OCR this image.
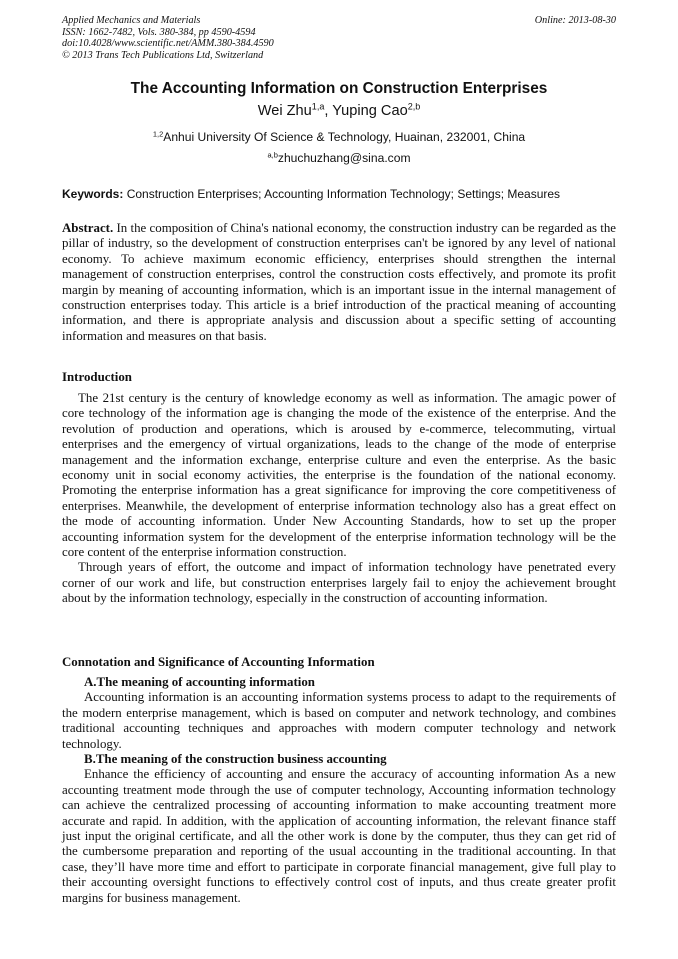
Applied Mechanics and Materials
ISSN: 1662-7482, Vols. 380-384, pp 4590-4594
doi:10.4028/www.scientific.net/AMM.380-384.4590
© 2013 Trans Tech Publications Ltd, Switzerland
Online: 2013-08-30
The Accounting Information on Construction Enterprises
Wei Zhu$^{1,a}$, Yuping Cao$^{2,b}$
$^{1,2}$Anhui University Of Science & Technology, Huainan, 232001, China
$^{a,b}$zhuchuzhang@sina.com
Keywords: Construction Enterprises; Accounting Information Technology; Settings; Measures
Abstract. In the composition of China's national economy, the construction industry can be regarded as the pillar of industry, so the development of construction enterprises can't be ignored by any level of national economy. To achieve maximum economic efficiency, enterprises should strengthen the internal management of construction enterprises, control the construction costs effectively, and promote its profit margin by meaning of accounting information, which is an important issue in the internal management of construction enterprises today. This article is a brief introduction of the practical meaning of accounting information, and there is appropriate analysis and discussion about a specific setting of accounting information and measures on that basis.
Introduction

The 21st century is the century of knowledge economy as well as information. The amagic power of core technology of the information age is changing the mode of the existence of the enterprise. And the revolution of production and operations, which is aroused by e-commerce, telecommuting, virtual enterprises and the emergency of virtual organizations, leads to the change of the mode of enterprise management and the information exchange, enterprise culture and even the enterprise. As the basic economy unit in social economy activities, the enterprise is the foundation of the national economy. Promoting the enterprise information has a great significance for improving the core competitiveness of enterprises. Meanwhile, the development of enterprise information technology also has a great effect on the mode of accounting information. Under New Accounting Standards, how to set up the proper accounting information system for the development of the enterprise information technology will be the core content of the enterprise information construction.

Through years of effort, the outcome and impact of information technology have penetrated every corner of our work and life, but construction enterprises largely fail to enjoy the achievement brought about by the information technology, especially in the construction of accounting information.

Connotation and Significance of Accounting Information
A.The meaning of accounting information

Accounting information is an accounting information systems process to adapt to the requirements of the modern enterprise management, which is based on computer and network technology, and combines traditional accounting techniques and approaches with modern computer technology and network technology.

B.The meaning of the construction business accounting

Enhance the efficiency of accounting and ensure the accuracy of accounting information As a new accounting treatment mode through the use of computer technology, Accounting information technology can achieve the centralized processing of accounting information to make accounting treatment more accurate and rapid. In addition, with the application of accounting information, the relevant finance staff just input the original certificate, and all the other work is done by the computer, thus they can get rid of the cumbersome preparation and reporting of the usual accounting in the traditional accounting. In that case, they’ll have more time and effort to participate in corporate financial management, give full play to their accounting oversight functions to effectively control cost of inputs, and thus create greater profit margins for business management.
